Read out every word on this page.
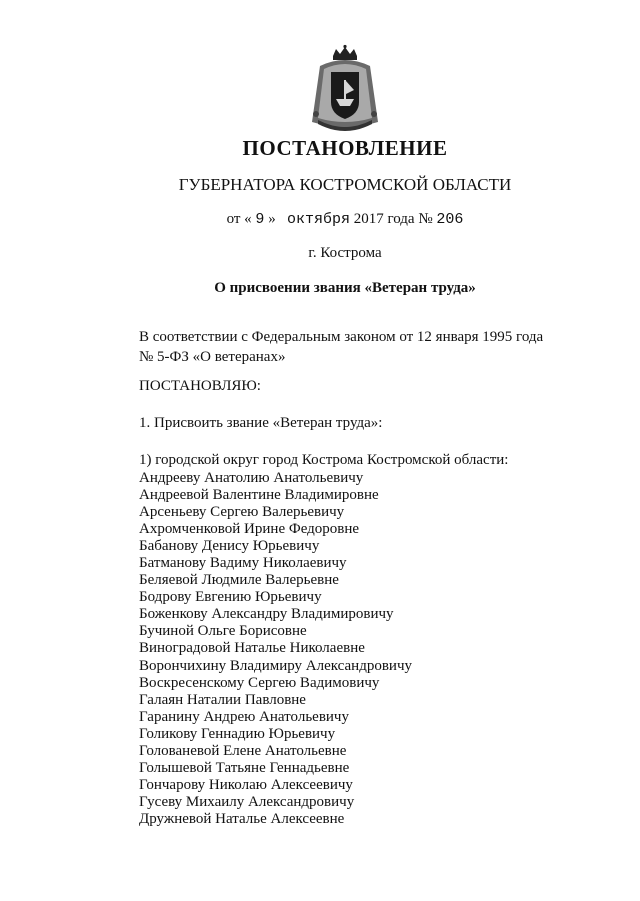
ПОСТАНОВЛЕНИЕ
ГУБЕРНАТОРА КОСТРОМСКОЙ ОБЛАСТИ
от « 9 » октября 2017 года № 206
г. Кострома
О присвоении звания «Ветеран труда»
В соответствии с Федеральным законом от 12 января 1995 года
№ 5-ФЗ «О ветеранах»
ПОСТАНОВЛЯЮ:
1. Присвоить звание «Ветеран труда»:
1) городской округ город Кострома Костромской области:
Андрееву Анатолию Анатольевичу
Андреевой Валентине Владимировне
Арсеньеву Сергею Валерьевичу
Ахромченковой Ирине Федоровне
Бабанову Денису Юрьевичу
Батманову Вадиму Николаевичу
Беляевой Людмиле Валерьевне
Бодрову Евгению Юрьевичу
Боженкову Александру Владимировичу
Бучиной Ольге Борисовне
Виноградовой Наталье Николаевне
Ворончихину Владимиру Александровичу
Воскресенскому Сергею Вадимовичу
Галаян Наталии Павловне
Гаранину Андрею Анатольевичу
Голикову Геннадию Юрьевичу
Голованевой Елене Анатольевне
Голышевой Татьяне Геннадьевне
Гончарову Николаю Алексеевичу
Гусеву Михаилу Александровичу
Дружневой Наталье Алексеевне
